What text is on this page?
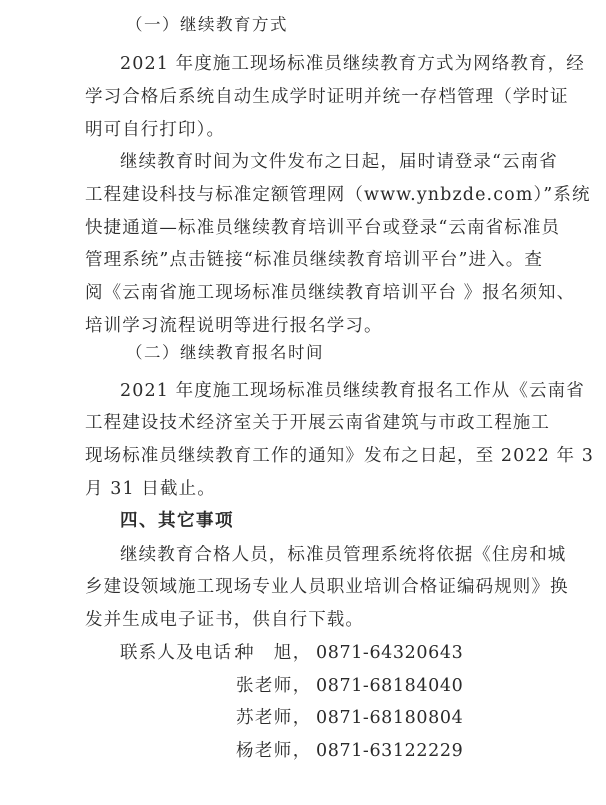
（一）继续教育方式
2021 年度施工现场标准员继续教育方式为网络教育，经
学习合格后系统自动生成学时证明并统一存档管理（学时证
明可自行打印）。
继续教育时间为文件发布之日起，届时请登录“云南省
工程建设科技与标准定额管理网（www.ynbzde.com）”系统
快捷通道—标准员继续教育培训平台或登录“云南省标准员
管理系统”点击链接“标准员继续教育培训平台”进入。查
阅《云南省施工现场标准员继续教育培训平台 》报名须知、
培训学习流程说明等进行报名学习。
（二）继续教育报名时间
2021 年度施工现场标准员继续教育报名工作从《云南省
工程建设技术经济室关于开展云南省建筑与市政工程施工
现场标准员继续教育工作的通知》发布之日起，至 2022 年 3
月 31 日截止。
四、其它事项
继续教育合格人员，标准员管理系统将依据《住房和城
乡建设领域施工现场专业人员职业培训合格证编码规则》换
发并生成电子证书，供自行下载。
联系人及电话：
种　旭， 0871-64320643
张老师， 0871-68184040
苏老师， 0871-68180804
杨老师， 0871-63122229
